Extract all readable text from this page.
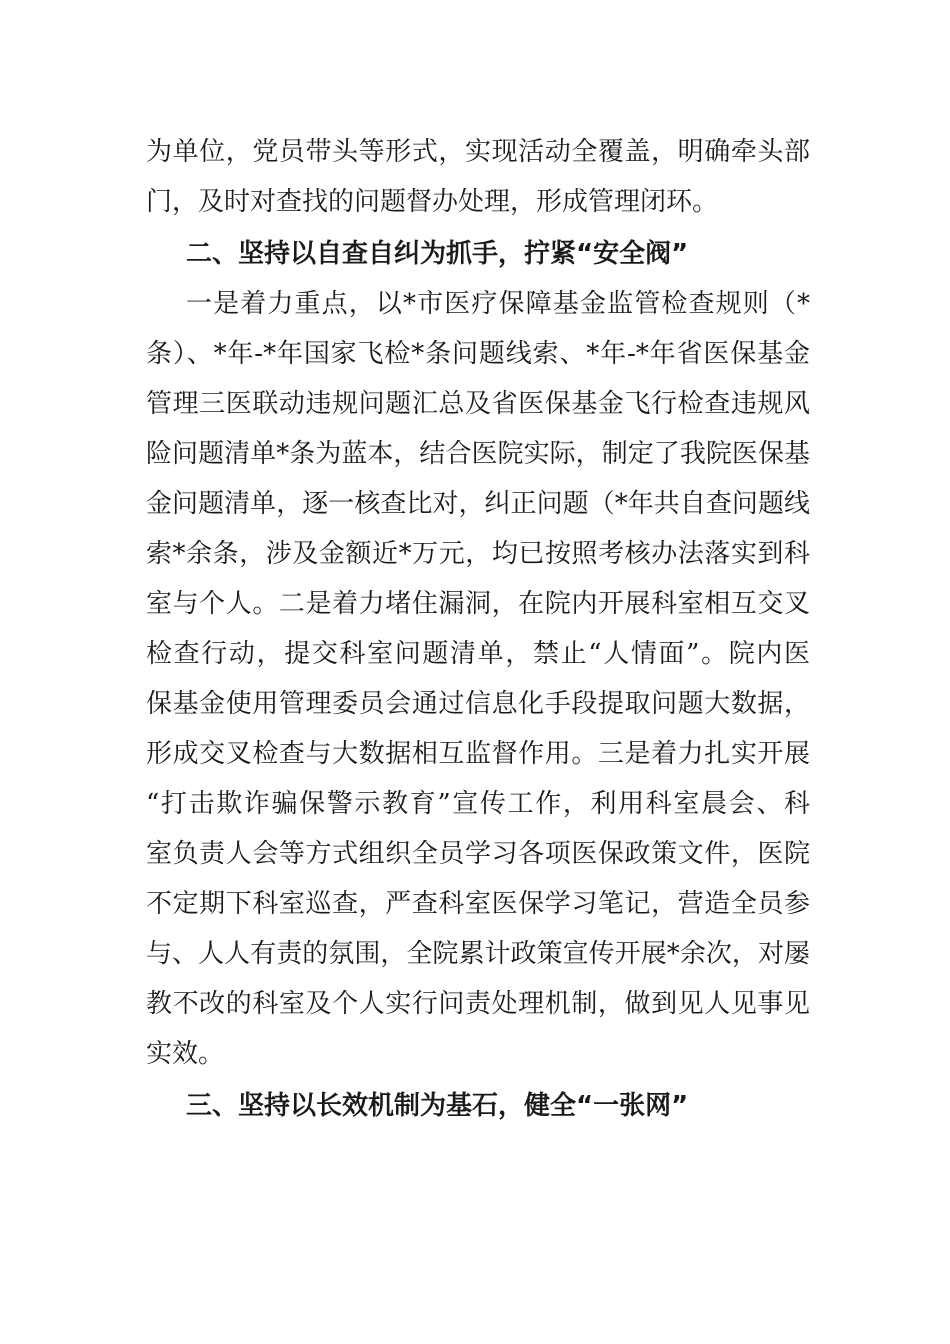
为单位，党员带头等形式，实现活动全覆盖，明确牵头部
门，及时对查找的问题督办处理，形成管理闭环。
二、坚持以自查自纠为抓手，拧紧“安全阀”
一是着力重点，以*市医疗保障基金监管检查规则（*
条）、*年-*年国家飞检*条问题线索、*年-*年省医保基金
管理三医联动违规问题汇总及省医保基金飞行检查违规风
险问题清单*条为蓝本，结合医院实际，制定了我院医保基
金问题清单，逐一核查比对，纠正问题（*年共自查问题线
索*余条，涉及金额近*万元，均已按照考核办法落实到科
室与个人。二是着力堵住漏洞，在院内开展科室相互交叉
检查行动，提交科室问题清单，禁止“人情面”。院内医
保基金使用管理委员会通过信息化手段提取问题大数据，
形成交叉检查与大数据相互监督作用。三是着力扎实开展
“打击欺诈骗保警示教育”宣传工作，利用科室晨会、科
室负责人会等方式组织全员学习各项医保政策文件，医院
不定期下科室巡查，严查科室医保学习笔记，营造全员参
与、人人有责的氛围，全院累计政策宣传开展*余次，对屡
教不改的科室及个人实行问责处理机制，做到见人见事见
实效。
三、坚持以长效机制为基石，健全“一张网”
